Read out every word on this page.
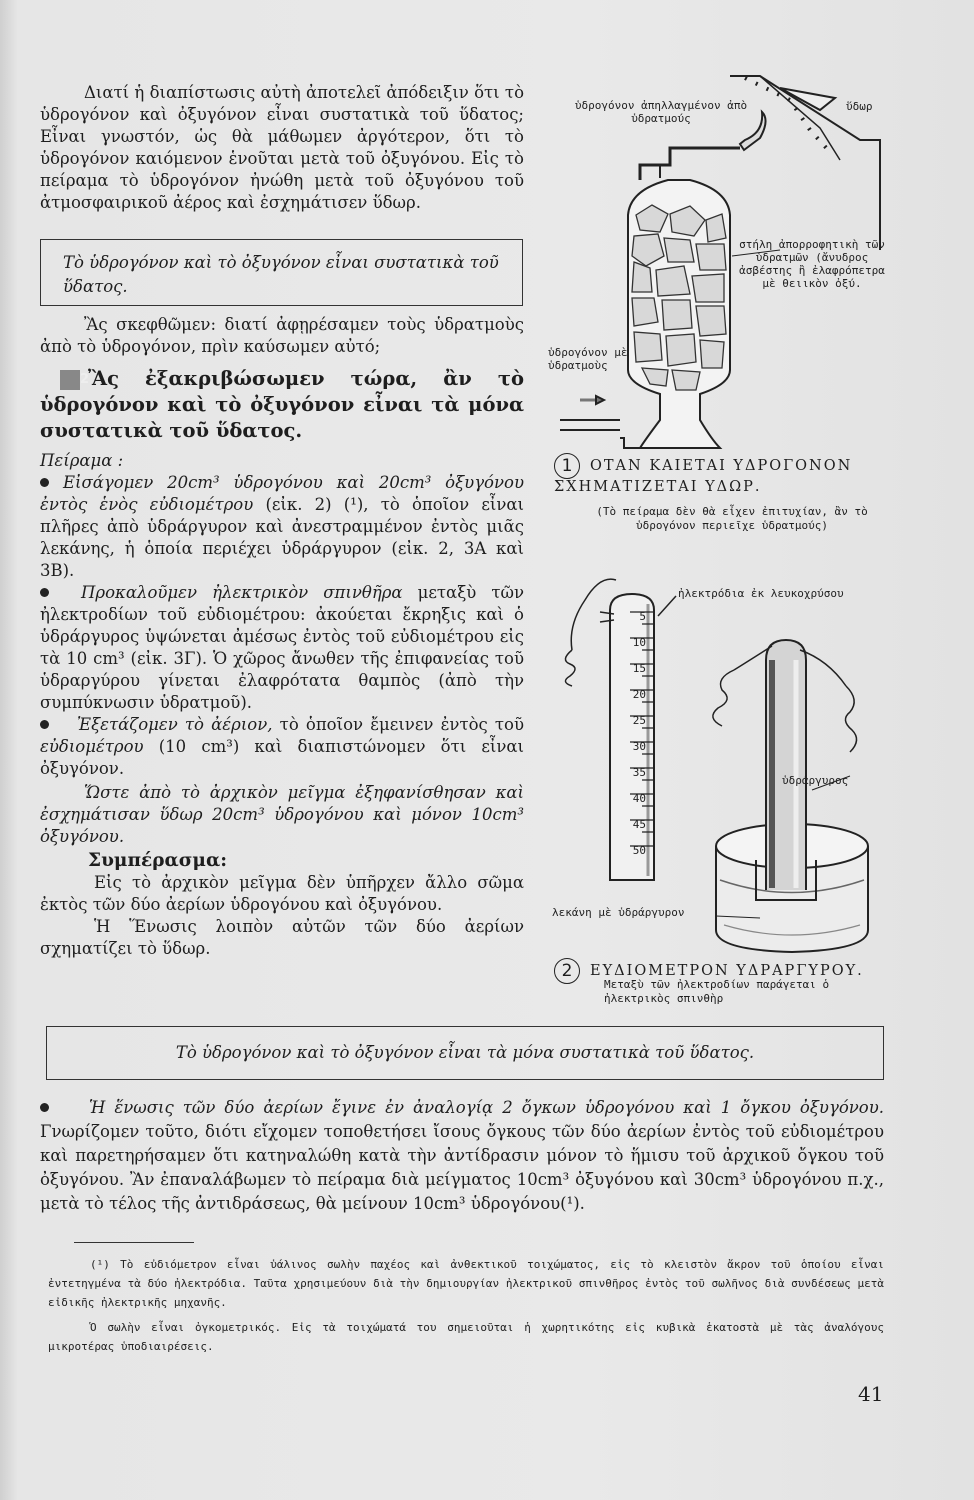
Διατί ἡ διαπίστωσις αὐτὴ ἀποτελεῖ ἀπόδειξιν ὅτι τὸ ὑδρογόνον καὶ ὀξυγόνον εἶναι συστατικὰ τοῦ ὕδατος; Εἶναι γνωστόν, ὡς θὰ μάθωμεν ἀργότερον, ὅτι τὸ ὑδρογόνον καιόμενον ἑνοῦται μετὰ τοῦ ὀξυγόνου. Εἰς τὸ πείραμα τὸ ὑδρογόνον ἠνώθη μετὰ τοῦ ὀξυγόνου τοῦ ἀτμοσφαιρικοῦ ἀέρος καὶ ἐσχημάτισεν ὕδωρ.

Τὸ ὑδρογόνον καὶ τὸ ὀξυγόνον εἶναι συστατικὰ τοῦ ὕδατος.

Ἂς σκεφθῶμεν: διατί ἀφῃρέσαμεν τοὺς ὑδρατμοὺς ἀπὸ τὸ ὑδρογόνον, πρὶν καύσωμεν αὐτό;

2Ἂς ἐξακριβώσωμεν τώρα, ἂν τὸ ὑδρογόνον καὶ τὸ ὀξυγόνον εἶναι τὰ μόνα συστατικὰ τοῦ ὕδατος.

Πείραμα :

Εἰσάγομεν 20cm³ ὑδρογόνου καὶ 20cm³ ὀξυγόνου ἐντὸς ἑνὸς εὐδιομέτρου (εἰκ. 2) (¹), τὸ ὁποῖον εἶναι πλῆρες ἀπὸ ὑδράργυρον καὶ ἀνεστραμμένον ἐντὸς μιᾶς λεκάνης, ἡ ὁποία περιέχει ὑδράργυρον (εἰκ. 2, 3Α καὶ 3Β).

Προκαλοῦμεν ἠλεκτρικὸν σπινθῆρα μεταξὺ τῶν ἠλεκτροδίων τοῦ εὐδιομέτρου: ἀκούεται ἔκρηξις καὶ ὁ ὑδράργυρος ὑψώνεται ἀμέσως ἐντὸς τοῦ εὐδιομέτρου εἰς τὰ 10 cm³ (εἰκ. 3Γ). Ὁ χῶρος ἄνωθεν τῆς ἐπιφανείας τοῦ ὑδραργύρου γίνεται ἐλαφρότατα θαμπὸς (ἀπὸ τὴν συμπύκνωσιν ὑδρατμοῦ).

Ἐξετάζομεν τὸ ἀέριον, τὸ ὁποῖον ἔμεινεν ἐντὸς τοῦ εὐδιομέτρου (10 cm³) καὶ διαπιστώνομεν ὅτι εἶναι ὀξυγόνον.

Ὥστε ἀπὸ τὸ ἀρχικὸν μεῖγμα ἐξηφανίσθησαν καὶ ἐσχημάτισαν ὕδωρ 20cm³ ὑδρογόνου καὶ μόνον 10cm³ ὀξυγόνου.

Συμπέρασμα:

Εἰς τὸ ἀρχικὸν μεῖγμα δὲν ὑπῆρχεν ἄλλο σῶμα ἐκτὸς τῶν δύο ἀερίων ὑδρογόνου καὶ ὀξυγόνου.

Ἡ Ἕνωσις λοιπὸν αὐτῶν τῶν δύο ἀερίων σχηματίζει τὸ ὕδωρ.

ὑδρογόνον ἀπηλλαγμένον ἀπὸ ὑδρατμούς
ὕδωρ
στήλη ἀπορροφητικὴ τῶν ὑδρατμῶν (ἄνυδρος ἀσβέστης ἢ ἐλαφρόπετρα μὲ θειικὸν ὀξύ.
ὑδρογόνον μὲ ὑδρατμοὺς
1 ΟΤΑΝ ΚΑΙΕΤΑΙ ΥΔΡΟΓΟΝΟΝ ΣΧΗΜΑΤΙΖΕΤΑΙ ΥΔΩΡ.
(Τὸ πείραμα δὲν θὰ εἶχεν ἐπιτυχίαν, ἂν τὸ ὑδρογόνον περιεῖχε ὑδρατμούς)
5
10
15
20
25
30
35
40
45
50
ἠλεκτρόδια ἐκ λευκοχρύσου
ὑδράργυρος
λεκάνη μὲ ὑδράργυρον
2 ΕΥΔΙΟΜΕΤΡΟΝ ΥΔΡΑΡΓΥΡΟΥ.
Μεταξὺ τῶν ἠλεκτροδίων παράγεται ὁ ἠλεκτρικὸς σπινθὴρ
Τὸ ὑδρογόνον καὶ τὸ ὀξυγόνον εἶναι τὰ μόνα συστατικὰ τοῦ ὕδατος.
Ἡ ἕνωσις τῶν δύο ἀερίων ἔγινε ἐν ἀναλογίᾳ 2 ὄγκων ὑδρογόνου καὶ 1 ὄγκου ὀξυγόνου. Γνωρίζομεν τοῦτο, διότι εἴχομεν τοποθετήσει ἴσους ὄγκους τῶν δύο ἀερίων ἐντὸς τοῦ εὐδιομέτρου καὶ παρετηρήσαμεν ὅτι κατηναλώθη κατὰ τὴν ἀντίδρασιν μόνον τὸ ἥμισυ τοῦ ἀρχικοῦ ὄγκου τοῦ ὀξυγόνου. Ἂν ἐπαναλάβωμεν τὸ πείραμα διὰ μείγματος 10cm³ ὀξυγόνου καὶ 30cm³ ὑδρογόνου π.χ., μετὰ τὸ τέλος τῆς ἀντιδράσεως, θὰ μείνουν 10cm³ ὑδρογόνου(¹).
(¹) Τὸ εὐδιόμετρον εἶναι ὑάλινος σωλὴν παχέος καὶ ἀνθεκτικοῦ τοιχώματος, εἰς τὸ κλειστὸν ἄκρον τοῦ ὁποίου εἶναι ἐντετηγμένα τὰ δύο ἠλεκτρόδια. Ταῦτα χρησιμεύουν διὰ τὴν δημιουργίαν ἠλεκτρικοῦ σπινθῆρος ἐντὸς τοῦ σωλῆνος διὰ συνδέσεως μετὰ εἰδικῆς ἠλεκτρικῆς μηχανῆς.
Ὁ σωλὴν εἶναι ὀγκομετρικός. Εἰς τὰ τοιχώματά του σημειοῦται ἡ χωρητικότης εἰς κυβικὰ ἑκατοστὰ μὲ τὰς ἀναλόγους μικροτέρας ὑποδιαιρέσεις.
41
